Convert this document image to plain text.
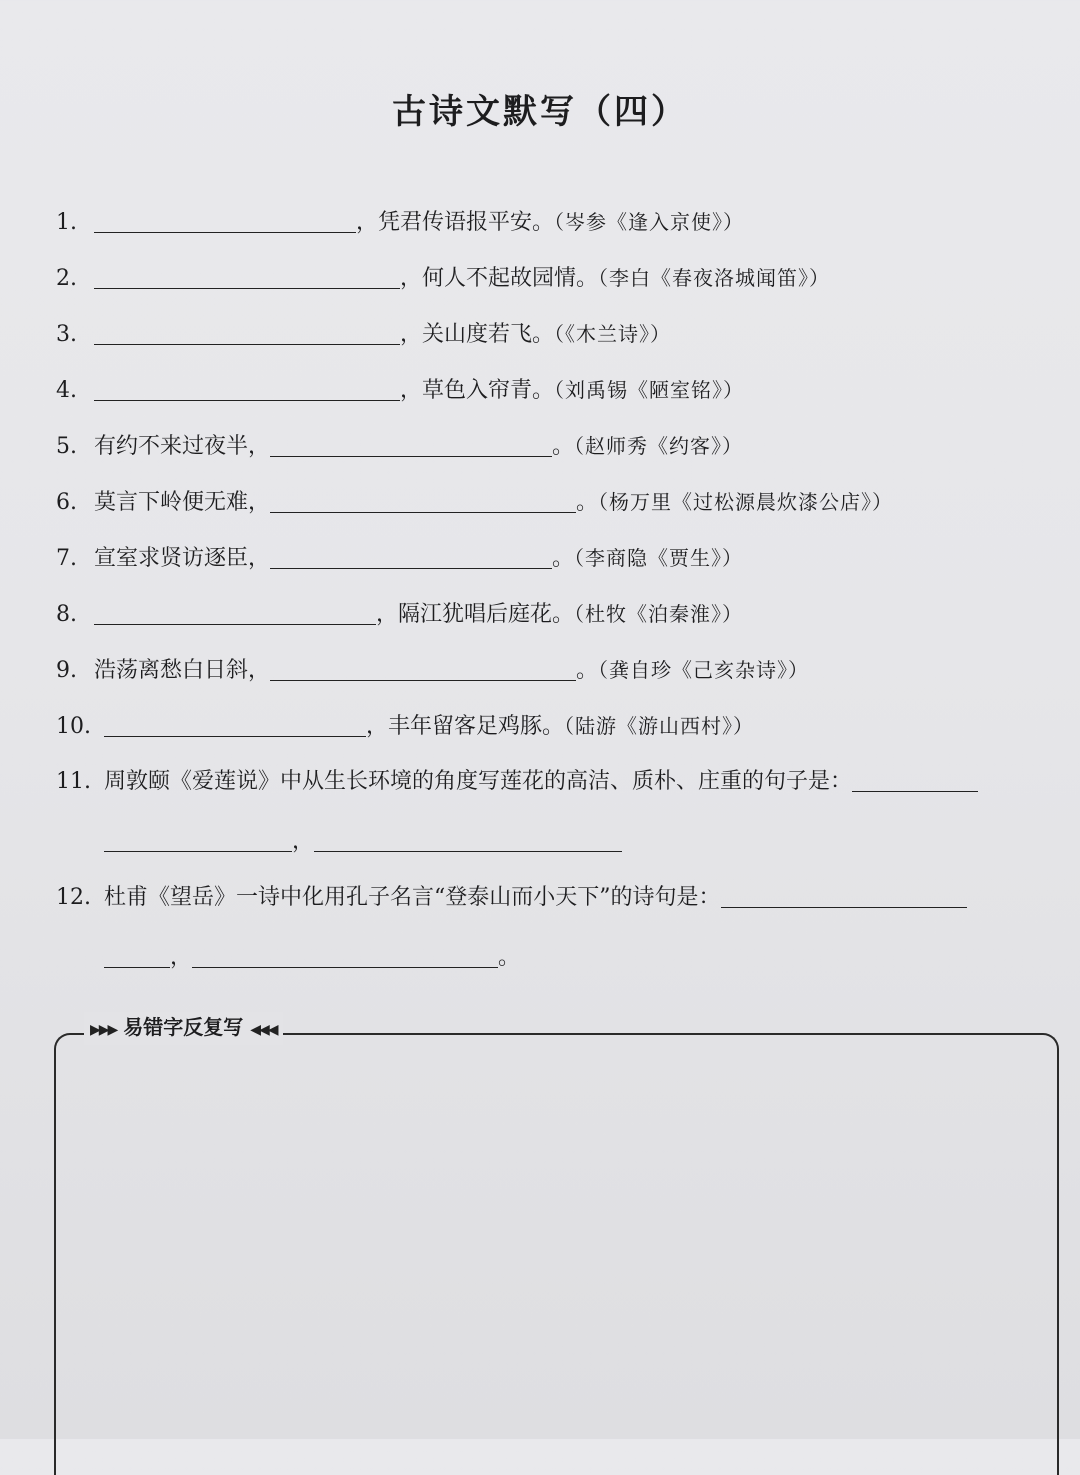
古诗文默写（四）
1.	，凭君传语报平安。（岑参《逢入京使》）
2.	，何人不起故园情。（李白《春夜洛城闻笛》）
3.	，关山度若飞。（《木兰诗》）
4.	，草色入帘青。（刘禹锡《陋室铭》）
5. 有约不来过夜半，	。（赵师秀《约客》）
6. 莫言下岭便无难，	。（杨万里《过松源晨炊漆公店》）
7. 宣室求贤访逐臣，	。（李商隐《贾生》）
8.	，隔江犹唱后庭花。（杜牧《泊秦淮》）
9. 浩荡离愁白日斜，	。（龚自珍《己亥杂诗》）
10.	，丰年留客足鸡豚。（陆游《游山西村》）
11. 周敦颐《爱莲说》中从生长环境的角度写莲花的高洁、质朴、庄重的句子是：
，
12. 杜甫《望岳》一诗中化用孔子名言“登泰山而小天下”的诗句是：
，	。
▶▶▶ 易错字反复写 ◀◀◀
